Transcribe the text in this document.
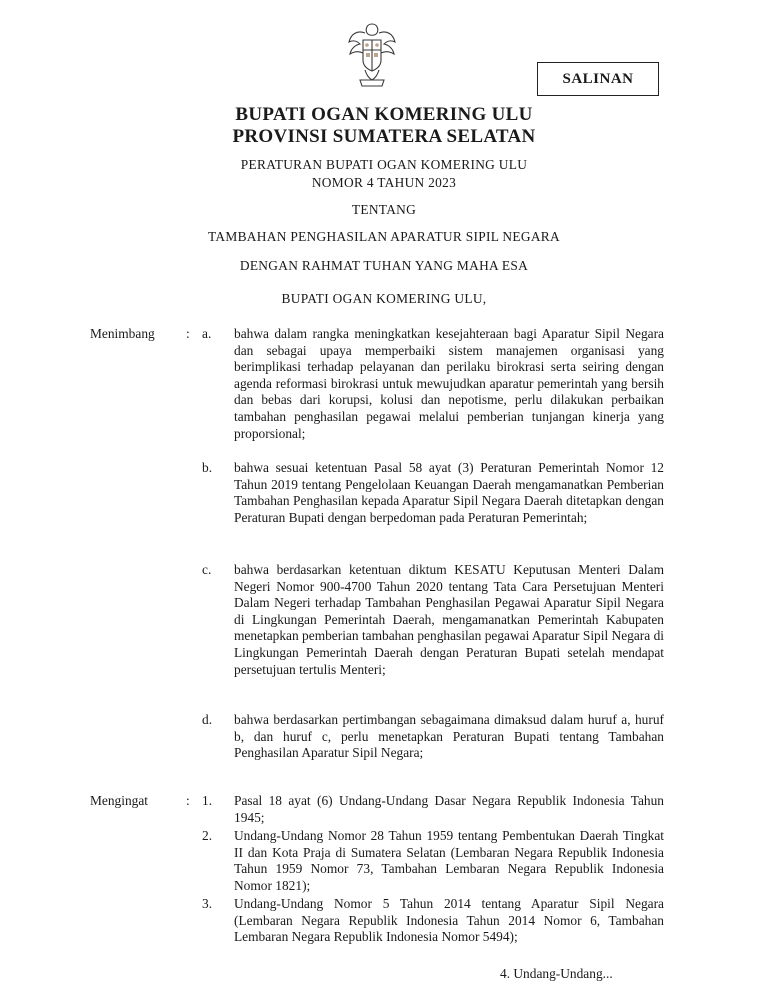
SALINAN
BUPATI OGAN KOMERING ULU
PROVINSI SUMATERA SELATAN
PERATURAN BUPATI OGAN KOMERING ULU
NOMOR 4 TAHUN 2023
TENTANG
TAMBAHAN PENGHASILAN APARATUR SIPIL NEGARA
DENGAN RAHMAT TUHAN YANG MAHA ESA
BUPATI OGAN KOMERING ULU,
Menimbang : a. bahwa dalam rangka meningkatkan kesejahteraan bagi Aparatur Sipil Negara dan sebagai upaya memperbaiki sistem manajemen organisasi yang berimplikasi terhadap pelayanan dan perilaku birokrasi serta seiring dengan agenda reformasi birokrasi untuk mewujudkan aparatur pemerintah yang bersih dan bebas dari korupsi, kolusi dan nepotisme, perlu dilakukan perbaikan tambahan penghasilan pegawai melalui pemberian tunjangan kinerja yang proporsional;
b. bahwa sesuai ketentuan Pasal 58 ayat (3) Peraturan Pemerintah Nomor 12 Tahun 2019 tentang Pengelolaan Keuangan Daerah mengamanatkan Pemberian Tambahan Penghasilan kepada Aparatur Sipil Negara Daerah ditetapkan dengan Peraturan Bupati dengan berpedoman pada Peraturan Pemerintah;
c. bahwa berdasarkan ketentuan diktum KESATU Keputusan Menteri Dalam Negeri Nomor 900-4700 Tahun 2020 tentang Tata Cara Persetujuan Menteri Dalam Negeri terhadap Tambahan Penghasilan Pegawai Aparatur Sipil Negara di Lingkungan Pemerintah Daerah, mengamanatkan Pemerintah Kabupaten menetapkan pemberian tambahan penghasilan pegawai Aparatur Sipil Negara di Lingkungan Pemerintah Daerah dengan Peraturan Bupati setelah mendapat persetujuan tertulis Menteri;
d. bahwa berdasarkan pertimbangan sebagaimana dimaksud dalam huruf a, huruf b, dan huruf c, perlu menetapkan Peraturan Bupati tentang Tambahan Penghasilan Aparatur Sipil Negara;
Mengingat	: 1. Pasal 18 ayat (6) Undang-Undang Dasar Negara Republik Indonesia Tahun 1945;
2. Undang-Undang Nomor 28 Tahun 1959 tentang Pembentukan Daerah Tingkat II dan Kota Praja di Sumatera Selatan (Lembaran Negara Republik Indonesia Tahun 1959 Nomor 73, Tambahan Lembaran Negara Republik Indonesia Nomor 1821);
3. Undang-Undang Nomor 5 Tahun 2014 tentang Aparatur Sipil Negara (Lembaran Negara Republik Indonesia Tahun 2014 Nomor 6, Tambahan Lembaran Negara Republik Indonesia Nomor 5494);
4. Undang-Undang...
